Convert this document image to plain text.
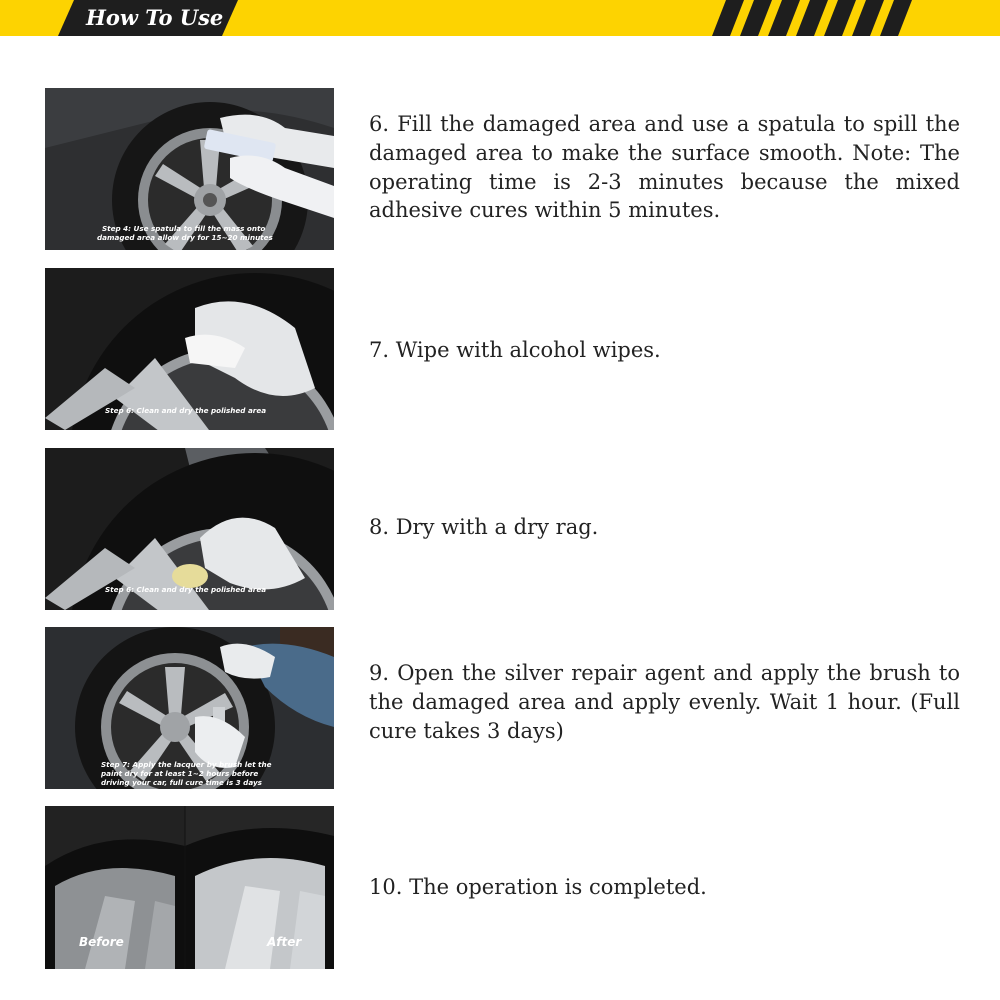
How To Use
Step 4: Use spatula to fill the mass onto
damaged area allow dry for 15~20 minutes

6. Fill the damaged area and use a spatula to spill the damaged area to make the surface smooth. Note: The operating time is 2-3 minutes because the mixed adhesive cures within 5 minutes.

Step 6: Clean and dry the polished area

7. Wipe with alcohol wipes.

Step 6: Clean and dry the polished area

8. Dry with a dry rag.

Step 7: Apply the lacquer by brush let the
paint dry for at least 1~2 hours before
driving your car, full cure time is 3 days

9. Open the silver repair agent and apply the brush to the damaged area and apply evenly. Wait 1 hour. (Full cure takes 3 days)

Before	After

10. The operation is completed.
